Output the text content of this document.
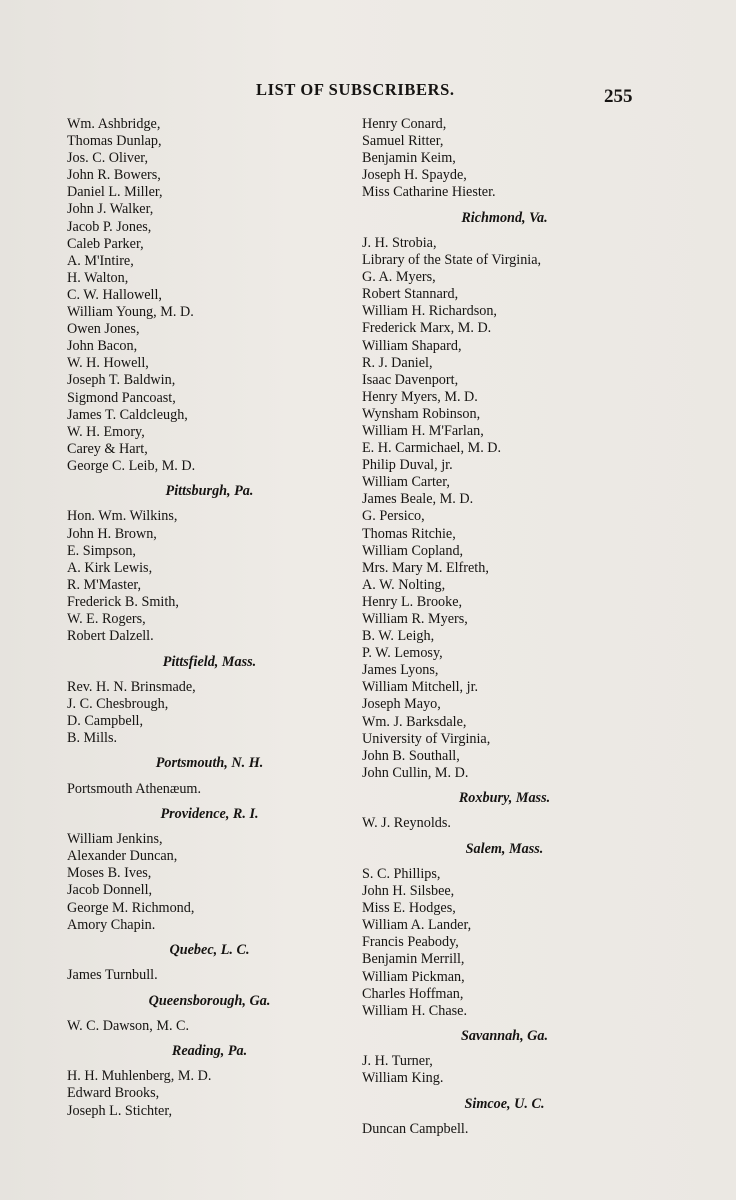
LIST OF SUBSCRIBERS.	255
Wm. Ashbridge,
Thomas Dunlap,
Jos. C. Oliver,
John R. Bowers,
Daniel L. Miller,
John J. Walker,
Jacob P. Jones,
Caleb Parker,
A. M'Intire,
H. Walton,
C. W. Hallowell,
William Young, M. D.
Owen Jones,
John Bacon,
W. H. Howell,
Joseph T. Baldwin,
Sigmond Pancoast,
James T. Caldcleugh,
W. H. Emory,
Carey & Hart,
George C. Leib, M. D.
Pittsburgh, Pa.
Hon. Wm. Wilkins,
John H. Brown,
E. Simpson,
A. Kirk Lewis,
R. M'Master,
Frederick B. Smith,
W. E. Rogers,
Robert Dalzell.
Pittsfield, Mass.
Rev. H. N. Brinsmade,
J. C. Chesbrough,
D. Campbell,
B. Mills.
Portsmouth, N. H.
Portsmouth Athenæum.
Providence, R. I.
William Jenkins,
Alexander Duncan,
Moses B. Ives,
Jacob Donnell,
George M. Richmond,
Amory Chapin.
Quebec, L. C.
James Turnbull.
Queensborough, Ga.
W. C. Dawson, M. C.
Reading, Pa.
H. H. Muhlenberg, M. D.
Edward Brooks,
Joseph L. Stichter,
Henry Conard,
Samuel Ritter,
Benjamin Keim,
Joseph H. Spayde,
Miss Catharine Hiester.
Richmond, Va.
J. H. Strobia,
Library of the State of Virginia,
G. A. Myers,
Robert Stannard,
William H. Richardson,
Frederick Marx, M. D.
William Shapard,
R. J. Daniel,
Isaac Davenport,
Henry Myers, M. D.
Wynsham Robinson,
William H. M'Farlan,
E. H. Carmichael, M. D.
Philip Duval, jr.
William Carter,
James Beale, M. D.
G. Persico,
Thomas Ritchie,
William Copland,
Mrs. Mary M. Elfreth,
A. W. Nolting,
Henry L. Brooke,
William R. Myers,
B. W. Leigh,
P. W. Lemosy,
James Lyons,
William Mitchell, jr.
Joseph Mayo,
Wm. J. Barksdale,
University of Virginia,
John B. Southall,
John Cullin, M. D.
Roxbury, Mass.
W. J. Reynolds.
Salem, Mass.
S. C. Phillips,
John H. Silsbee,
Miss E. Hodges,
William A. Lander,
Francis Peabody,
Benjamin Merrill,
William Pickman,
Charles Hoffman,
William H. Chase.
Savannah, Ga.
J. H. Turner,
William King.
Simcoe, U. C.
Duncan Campbell.
